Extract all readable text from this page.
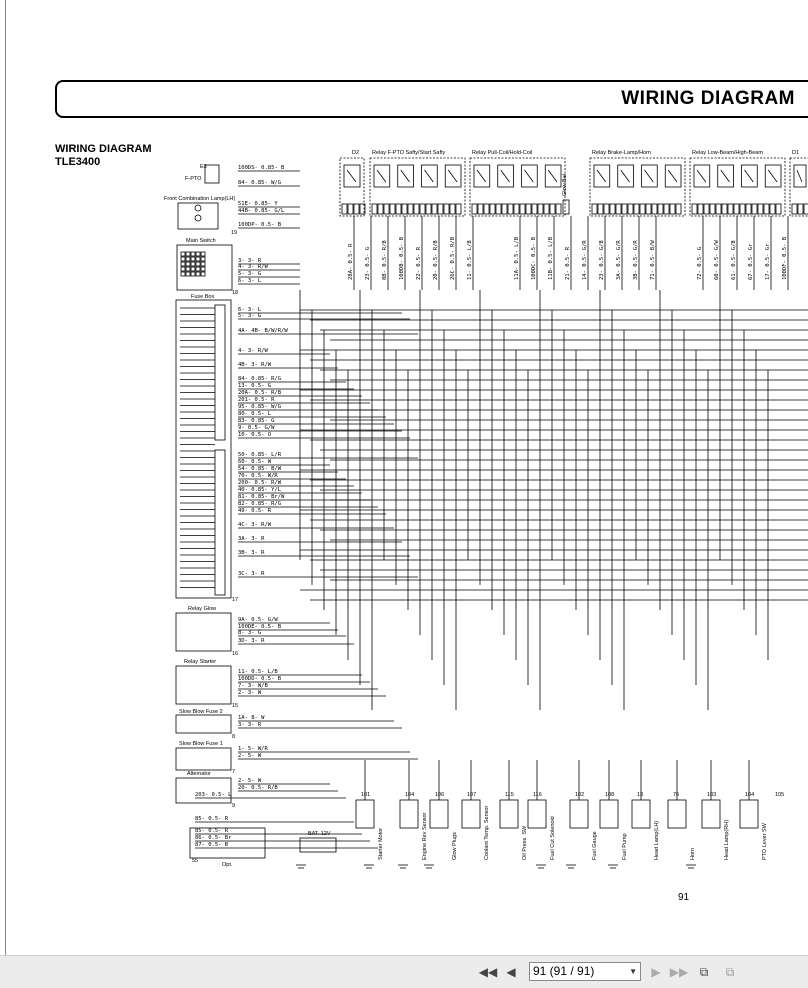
WIRING DIAGRAM
WIRING DIAGRAM
TLE3400
D2 Relay F-PTO Safty/Start Safty	Relay Pull-Coil/Hold-Coil	Relay Brake-Lamp/Horn	Relay Low-Beam/High-Beam	D1
Glow Bel
28A- 0.5- R 23- 0.5- G 8B- 0.5- R/B 100DB- 0.5- B 22- 0.5- R 20- 0.5- R/B 26C- 0.5- R/B 11- 0.5- L/B	11A- 0.5- L/B 100DC- 0.5- B 11B- 0.5- L/B 21- 0.5- R 14- 0.5- G/R 23- 0.5- G/B 3A- 0.5- G/R 3B- 0.5- G/R 71- 0.5- B/W	72- 0.5- G 60- 0.5- G/W 61- 0.5- G/B 67- 0.5- Gr 17- 0.5- Gr 100DF- 0.5- B
E3
F-PTO
Front Combination Lamp(LH)
19
Main Switch
18
Fuse Box
17
Relay Glow
16
Relay Starter
15
Slow Blow Fuse 2
8
Slow Blow Fuse 1
7
Alternator
9
BAT. 12V
Opt.
55
100DS- 0.85- B
84- 0.85- W/G
51E- 0.85- Y
44B- 0.85- G/L
100DP- 0.5- B
3- 3- R
4- 3- R/W
5- 3- G
6- 3- L
6- 3- L
5- 3- G
4A- 4B- B/W/R/W
4- 3- R/W
4B- 3- R/W
84- 0.85- R/G
13- 0.5- G
20A- 0.5- R/B
201- 0.5- R
95- 0.85- W/G
80- 0.5- L
83- 0.85- G
9- 0.5- G/W
10- 0.5- O
50- 0.85- L/R
60- 0.5- W
54- 0.85- B/W
70- 0.5- W/R
200- 0.5- R/W
40- 0.85- Y/L
81- 0.85- Br/W
82- 0.85- R/G
49- 0.5- R
4C- 3- R/W
3A- 3- R
3B- 3- R
3C- 3- R
9A- 0.5- G/W
100DE- 0.5- B
8- 3- G
3D- 3- R
11- 0.5- L/B
100DD- 0.5- B
7- 3- W/B
2- 3- W
1A- 8- W
3- 3- R
1- 5- W/R
2- 5- W
2- 5- W
20- 0.5- R/B
203- 0.5- L
85- 0.5- R
85- 0.5- R
86- 0.5- Br
87- 0.5- B	Starter Motor	Engine Rev Sensor	Glow Plugs	Coolant Temp. Sensor	Oil Press. SW	Fuel Cut Solenoid	Fuel Gauge	Fuel Pump	Head Lamp(LH)	Horn	Head Lamp(RH)	PTO Lever SW
101	104	106	107	115	116	102	108	13	76	103	104	105
91
◀◀ ◀	91 (91 / 91)	▼ ▶ ▶▶ ⧉	⧉
